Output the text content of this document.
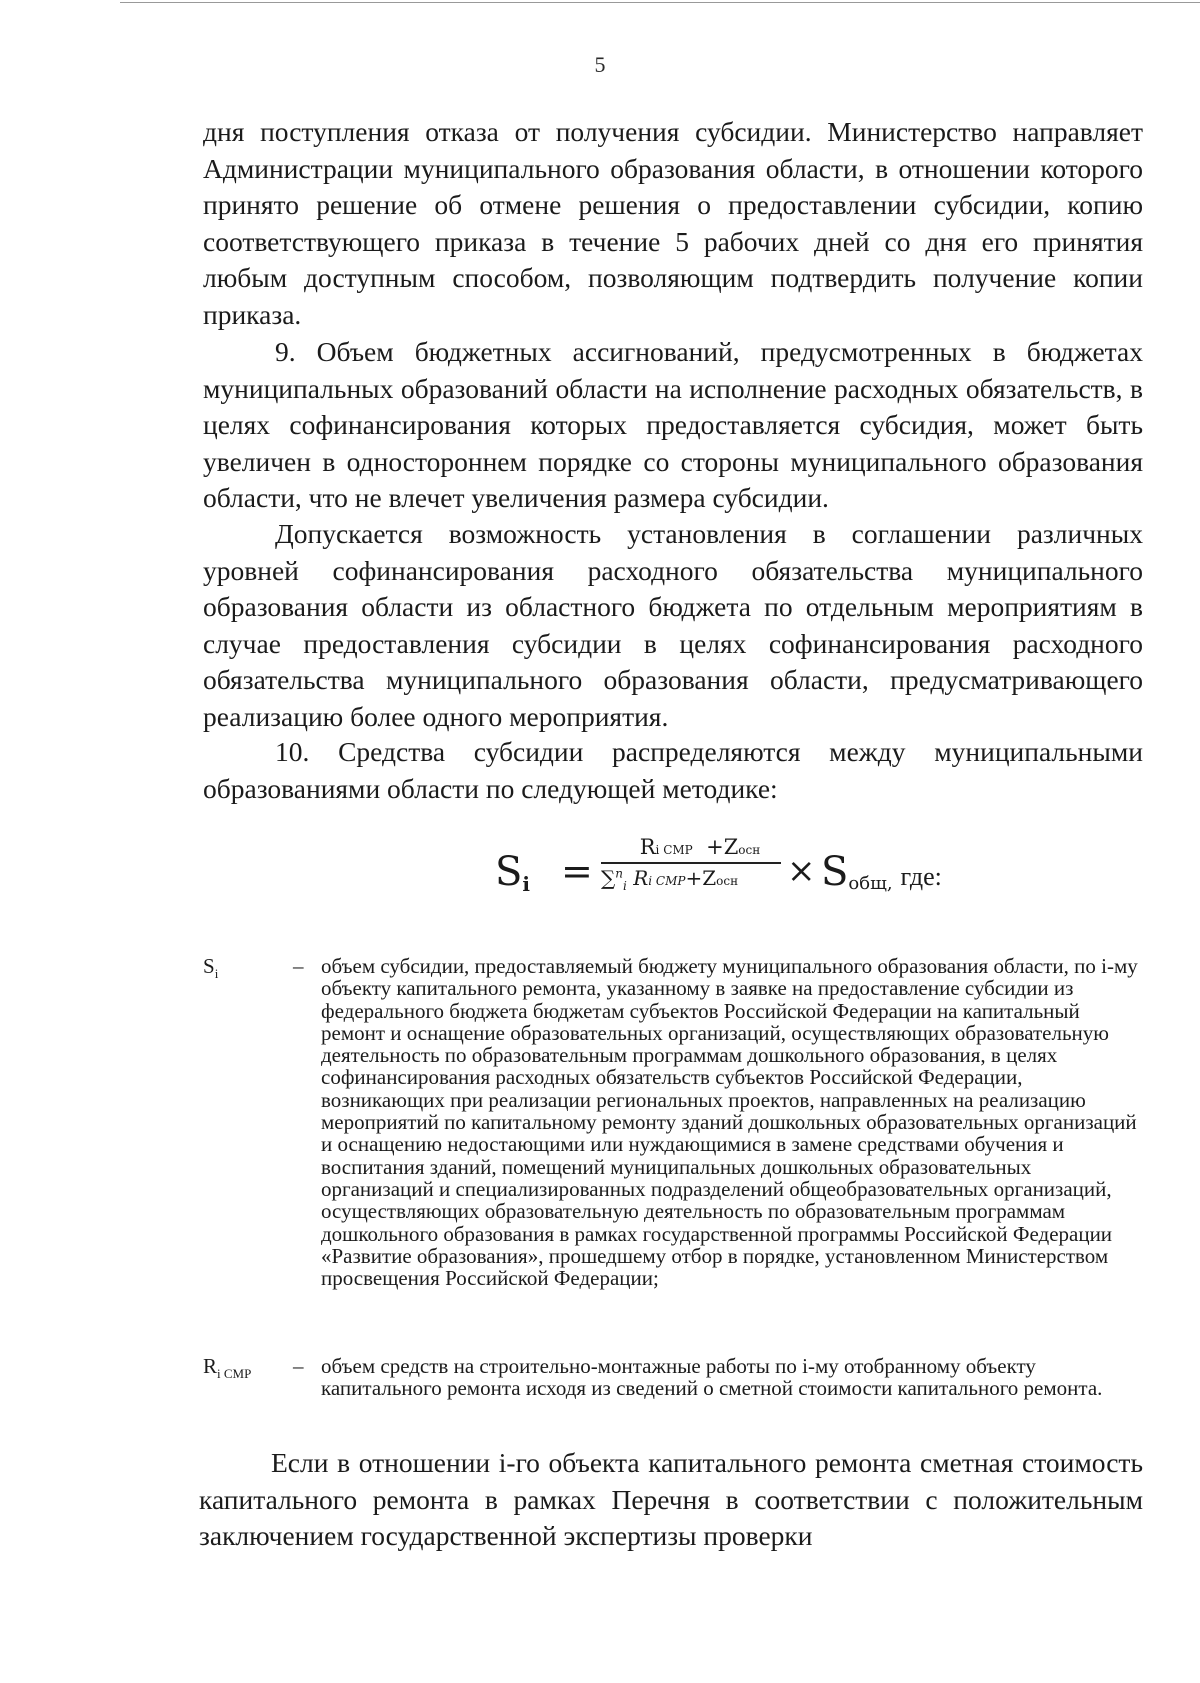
5

дня поступления отказа от получения субсидии. Министерство направляет Администрации муниципального образования области, в отношении которого принято решение об отмене решения о предоставлении субсидии, копию соответствующего приказа в течение 5 рабочих дней со дня его принятия любым доступным способом, позволяющим подтвердить получение копии приказа.

9. Объем бюджетных ассигнований, предусмотренных в бюджетах муниципальных образований области на исполнение расходных обязательств, в целях софинансирования которых предоставляется субсидия, может быть увеличен в одностороннем порядке со стороны муниципального образования области, что не влечет увеличения размера субсидии.

Допускается возможность установления в соглашении различных уровней софинансирования расходного обязательства муниципального образования области из областного бюджета по отдельным мероприятиям в случае предоставления субсидии в целях софинансирования расходного обязательства муниципального образования области, предусматривающего реализацию более одного мероприятия.

10. Средства субсидии распределяются между муниципальными образованиями области по следующей методике:

$S_i$ =
Ri СМР +Zосн
∑$^n_i$ Ri СМР+Zосн	× $S_{общ,}$ где:
$S_i$	– объем субсидии, предоставляемый бюджету муниципального образования области, по i-му объекту капитального ремонта, указанному в заявке на предоставление субсидии из федерального бюджета бюджетам субъектов Российской Федерации на капитальный ремонт и оснащение образовательных организаций, осуществляющих образовательную деятельность по образовательным программам дошкольного образования, в целях софинансирования расходных обязательств субъектов Российской Федерации, возникающих при реализации региональных проектов, направленных на реализацию мероприятий по капитальному ремонту зданий дошкольных образовательных организаций и оснащению недостающими или нуждающимися в замене средствами обучения и воспитания зданий, помещений муниципальных дошкольных образовательных организаций и специализированных подразделений общеобразовательных организаций, осуществляющих образовательную деятельность по образовательным программам дошкольного образования в рамках государственной программы Российской Федерации «Развитие образования», прошедшему отбор в порядке, установленном Министерством просвещения Российской Федерации;

$R_{i СМР}$ – объем средств на строительно-монтажные работы по i-му отобранному объекту капитального ремонта исходя из сведений о сметной стоимости капитального ремонта.

Если в отношении i-го объекта капитального ремонта сметная стоимость капитального ремонта в рамках Перечня в соответствии с положительным заключением государственной экспертизы проверки
